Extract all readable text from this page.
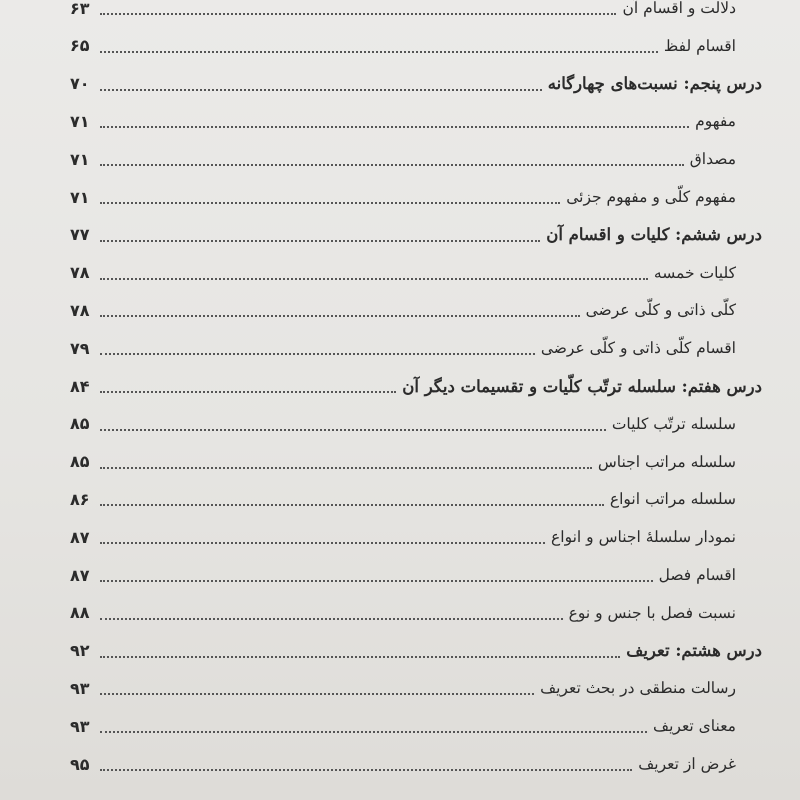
دلالت و اقسام آن
۶۳
اقسام لفظ
۶۵
درس پنجم: نسبت‌های چهارگانه
۷۰
مفهوم
۷۱
مصداق
۷۱
مفهوم کلّی و مفهوم جزئی
۷۱
درس ششم: کلیات و اقسام آن
۷۷
کلیات خمسه
۷۸
کلّی ذاتی و کلّی عرضی
۷۸
اقسام کلّی ذاتی و کلّی عرضی
۷۹
درس هفتم: سلسله ترتّب کلّیات و تقسیمات دیگر آن
۸۴
سلسله ترتّب کلیات
۸۵
سلسله مراتب اجناس
۸۵
سلسله مراتب انواع
۸۶
نمودار سلسلهٔ اجناس و انواع
۸۷
اقسام فصل
۸۷
نسبت فصل با جنس و نوع
۸۸
درس هشتم: تعریف
۹۲
رسالت منطقی در بحث تعریف
۹۳
معنای تعریف
۹۳
غرض از تعریف
۹۵
